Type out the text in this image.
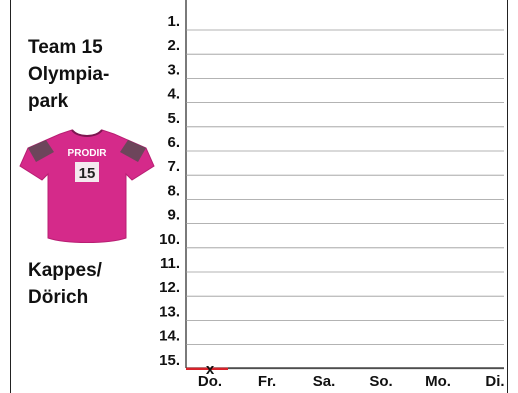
Team 15
Olympia-
park
PRODIR
15
Kappes/
Dörich
1.
2.
3.
4.
5.
6.
7.
8.
9.
10.
11.
12.
13.
14.
15.
Do. Fr. Sa. So. Mo. Di.
x
